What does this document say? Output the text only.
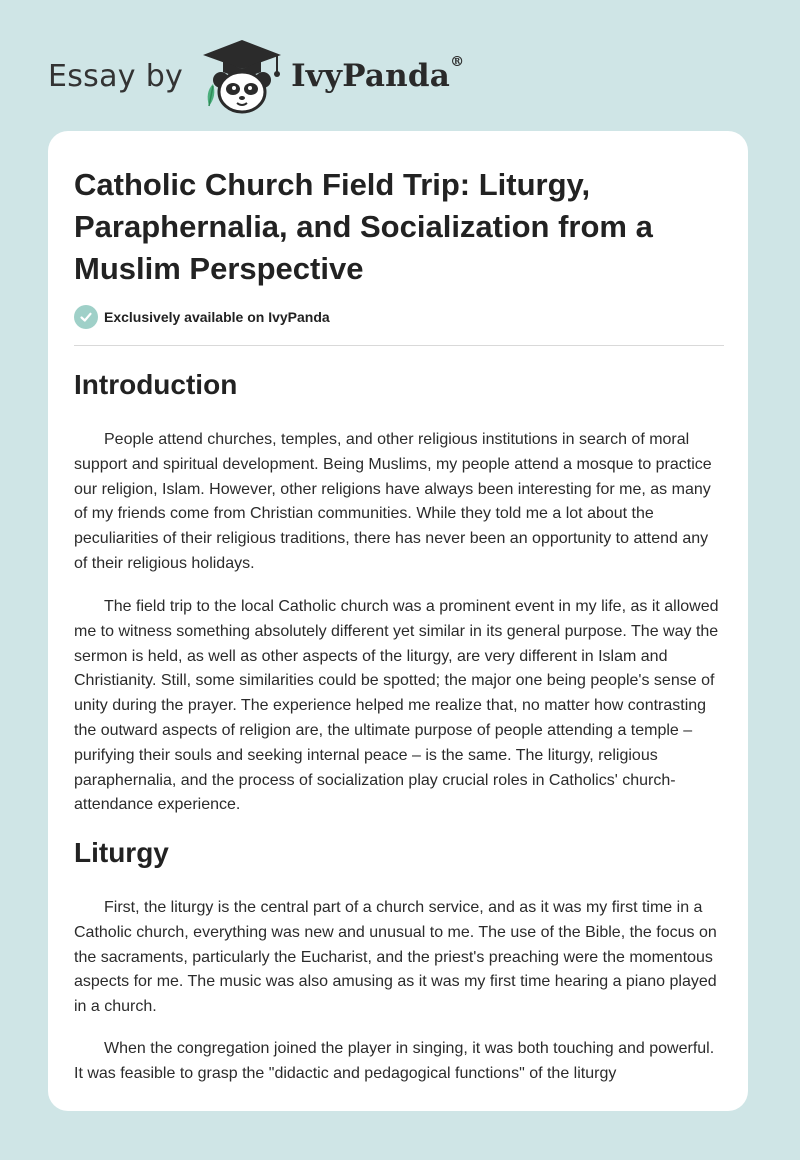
Essay by	IvyPanda®
Catholic Church Field Trip: Liturgy, Paraphernalia, and Socialization from a Muslim Perspective
Exclusively available on IvyPanda
Introduction

People attend churches, temples, and other religious institutions in search of moral support and spiritual development. Being Muslims, my people attend a mosque to practice our religion, Islam. However, other religions have always been interesting for me, as many of my friends come from Christian communities. While they told me a lot about the peculiarities of their religious traditions, there has never been an opportunity to attend any of their religious holidays.

The field trip to the local Catholic church was a prominent event in my life, as it allowed me to witness something absolutely different yet similar in its general purpose. The way the sermon is held, as well as other aspects of the liturgy, are very different in Islam and Christianity. Still, some similarities could be spotted; the major one being people's sense of unity during the prayer. The experience helped me realize that, no matter how contrasting the outward aspects of religion are, the ultimate purpose of people attending a temple – purifying their souls and seeking internal peace – is the same. The liturgy, religious paraphernalia, and the process of socialization play crucial roles in Catholics' church-attendance experience.

Liturgy

First, the liturgy is the central part of a church service, and as it was my first time in a Catholic church, everything was new and unusual to me. The use of the Bible, the focus on the sacraments, particularly the Eucharist, and the priest's preaching were the momentous aspects for me. The music was also amusing as it was my first time hearing a piano played in a church.

When the congregation joined the player in singing, it was both touching and powerful. It was feasible to grasp the "didactic and pedagogical functions" of the liturgy
